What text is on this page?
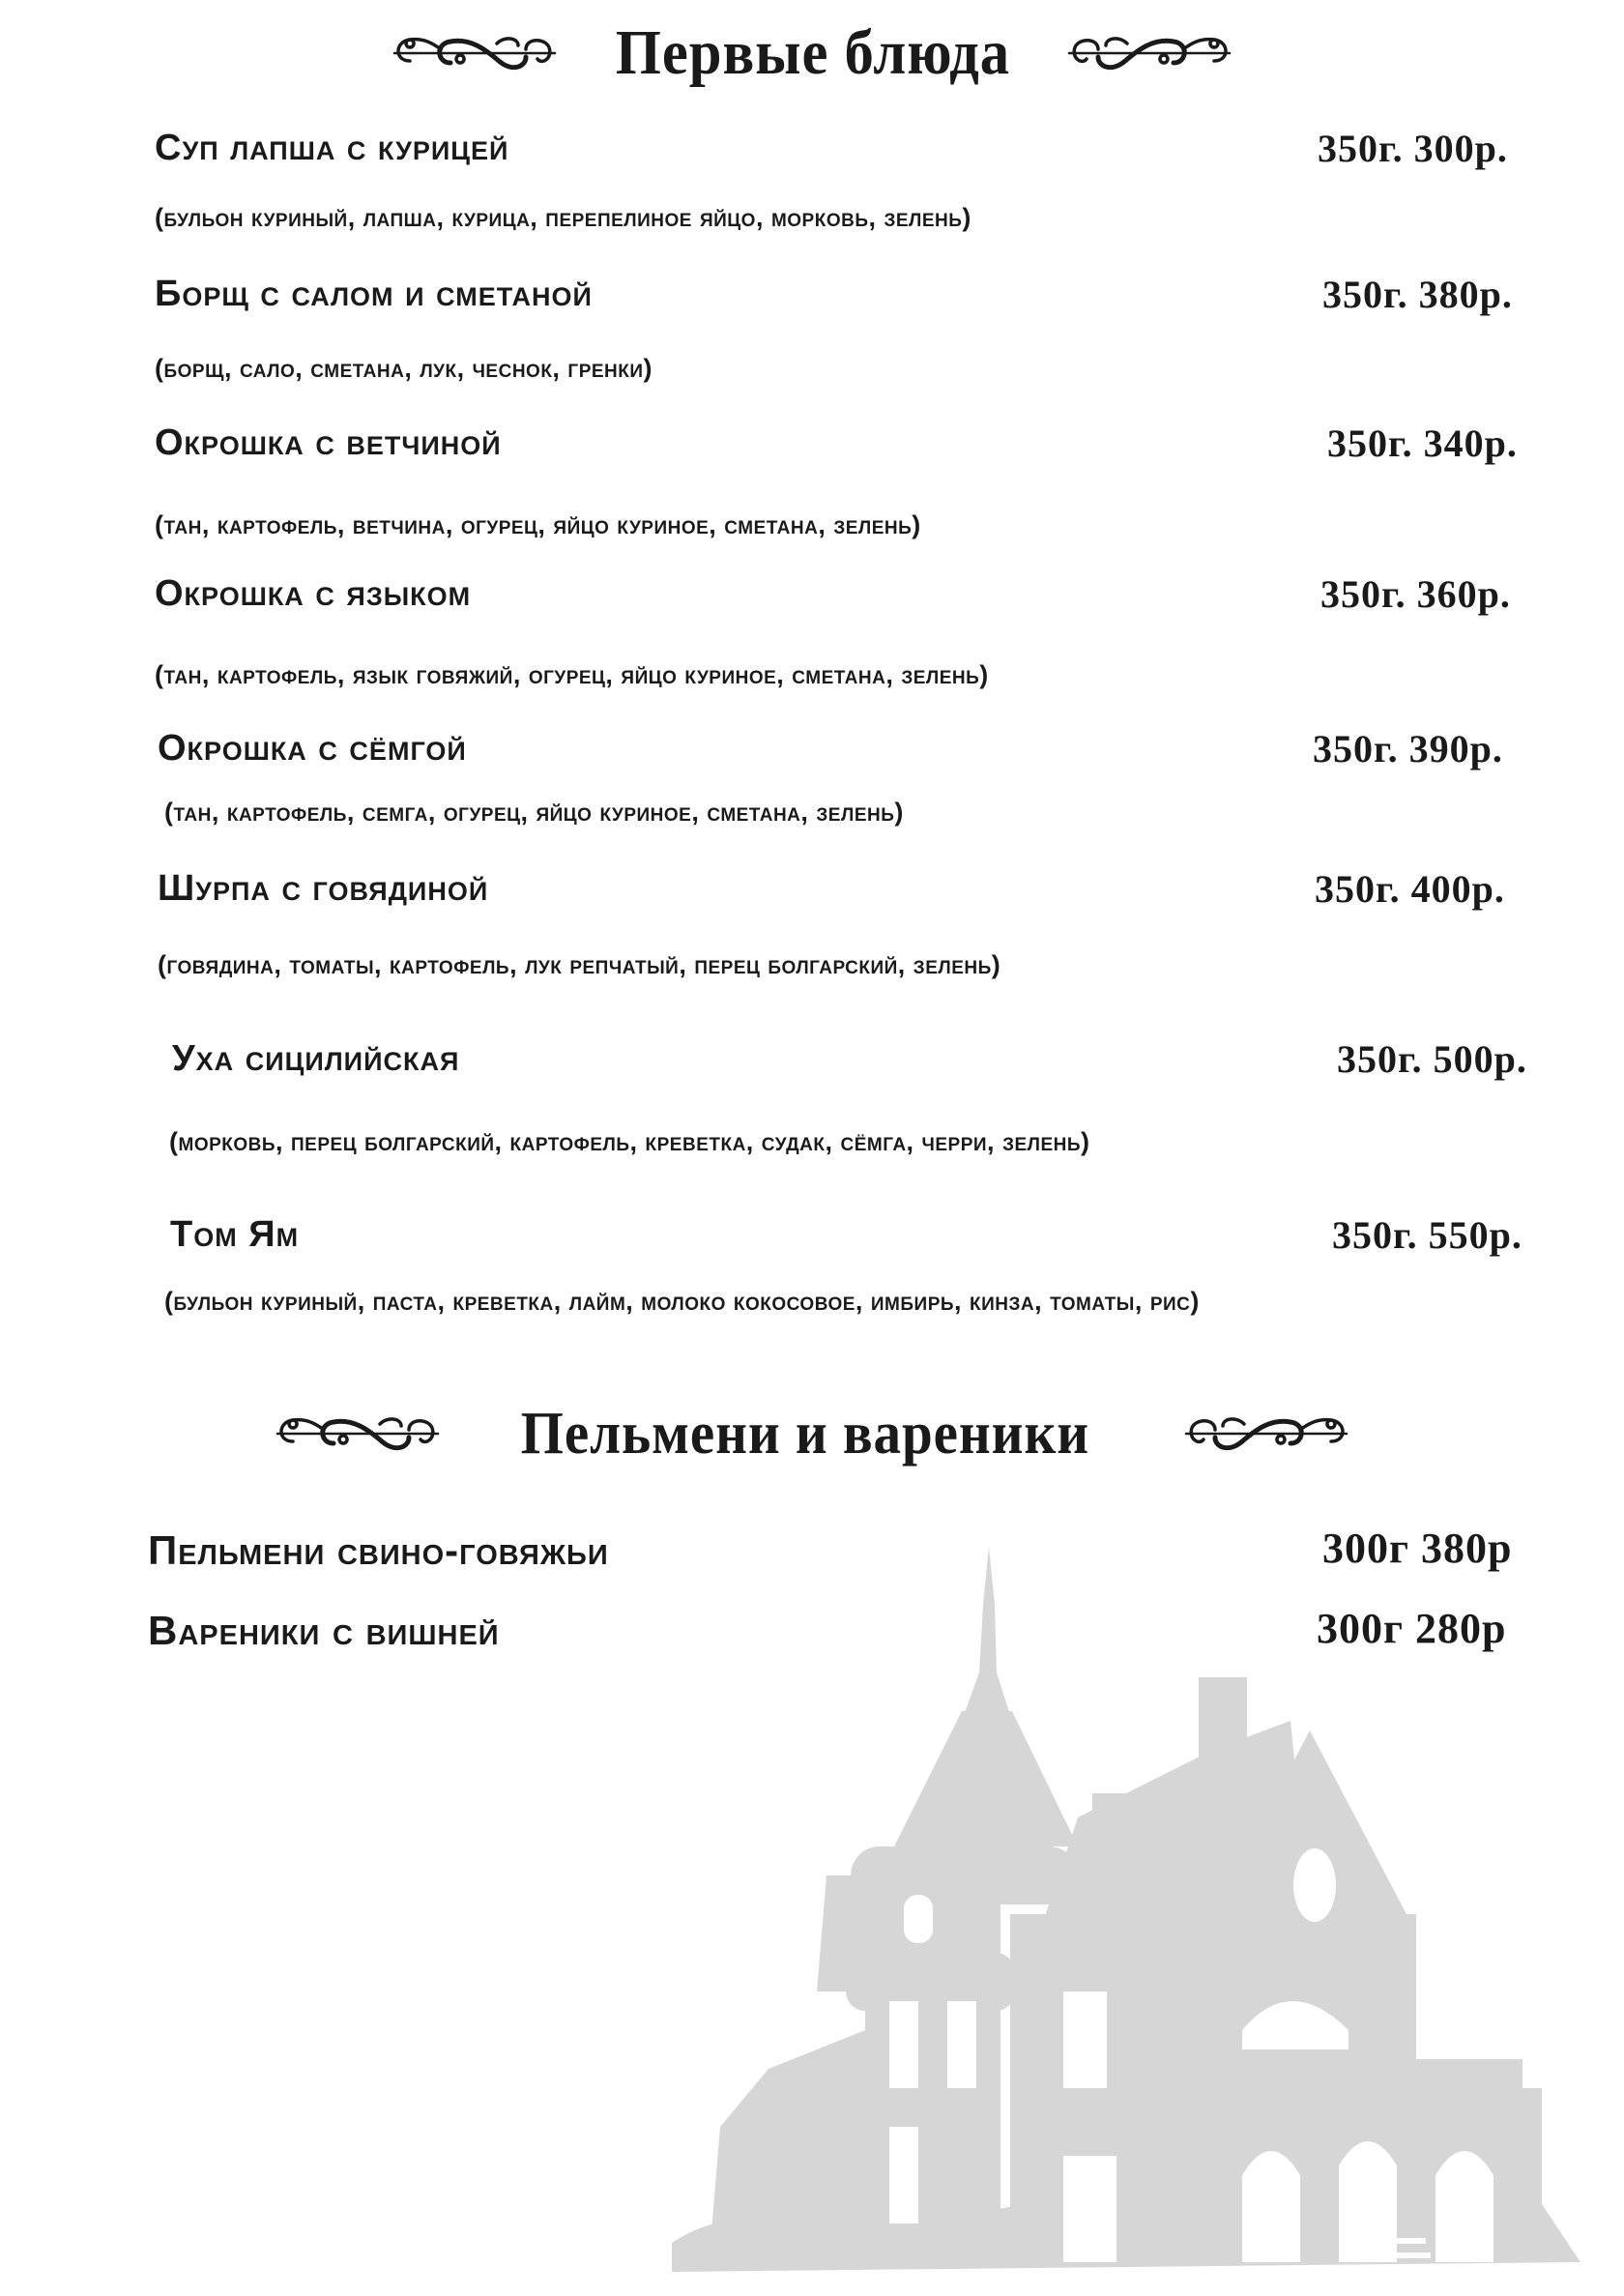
Первые блюда
Суп лапша с курицей	350г. 300р.
(бульон куриный, лапша, курица, перепелиное яйцо, морковь, зелень)
Борщ с салом и сметаной	350г. 380р.
(борщ, сало, сметана, лук, чеснок, гренки)
Окрошка с ветчиной	350г. 340р.
(тан, картофель, ветчина, огурец, яйцо куриное, сметана, зелень)
Окрошка с языком	350г. 360р.
(тан, картофель, язык говяжий, огурец, яйцо куриное, сметана, зелень)
Окрошка с сёмгой	350г. 390р.
(тан, картофель, семга, огурец, яйцо куриное, сметана, зелень)
Шурпа с говядиной	350г. 400р.
(говядина, томаты, картофель, лук репчатый, перец болгарский, зелень)
Уха сицилийская	350г. 500р.
(морковь, перец болгарский, картофель, креветка, судак, сёмга, черри, зелень)
Том Ям	350г. 550р.
(бульон куриный, паста, креветка, лайм, молоко кокосовое, имбирь, кинза, томаты, рис)
Пельмени и вареники
Пельмени свино-говяжьи	300г 380р
Вареники с вишней	300г 280р
